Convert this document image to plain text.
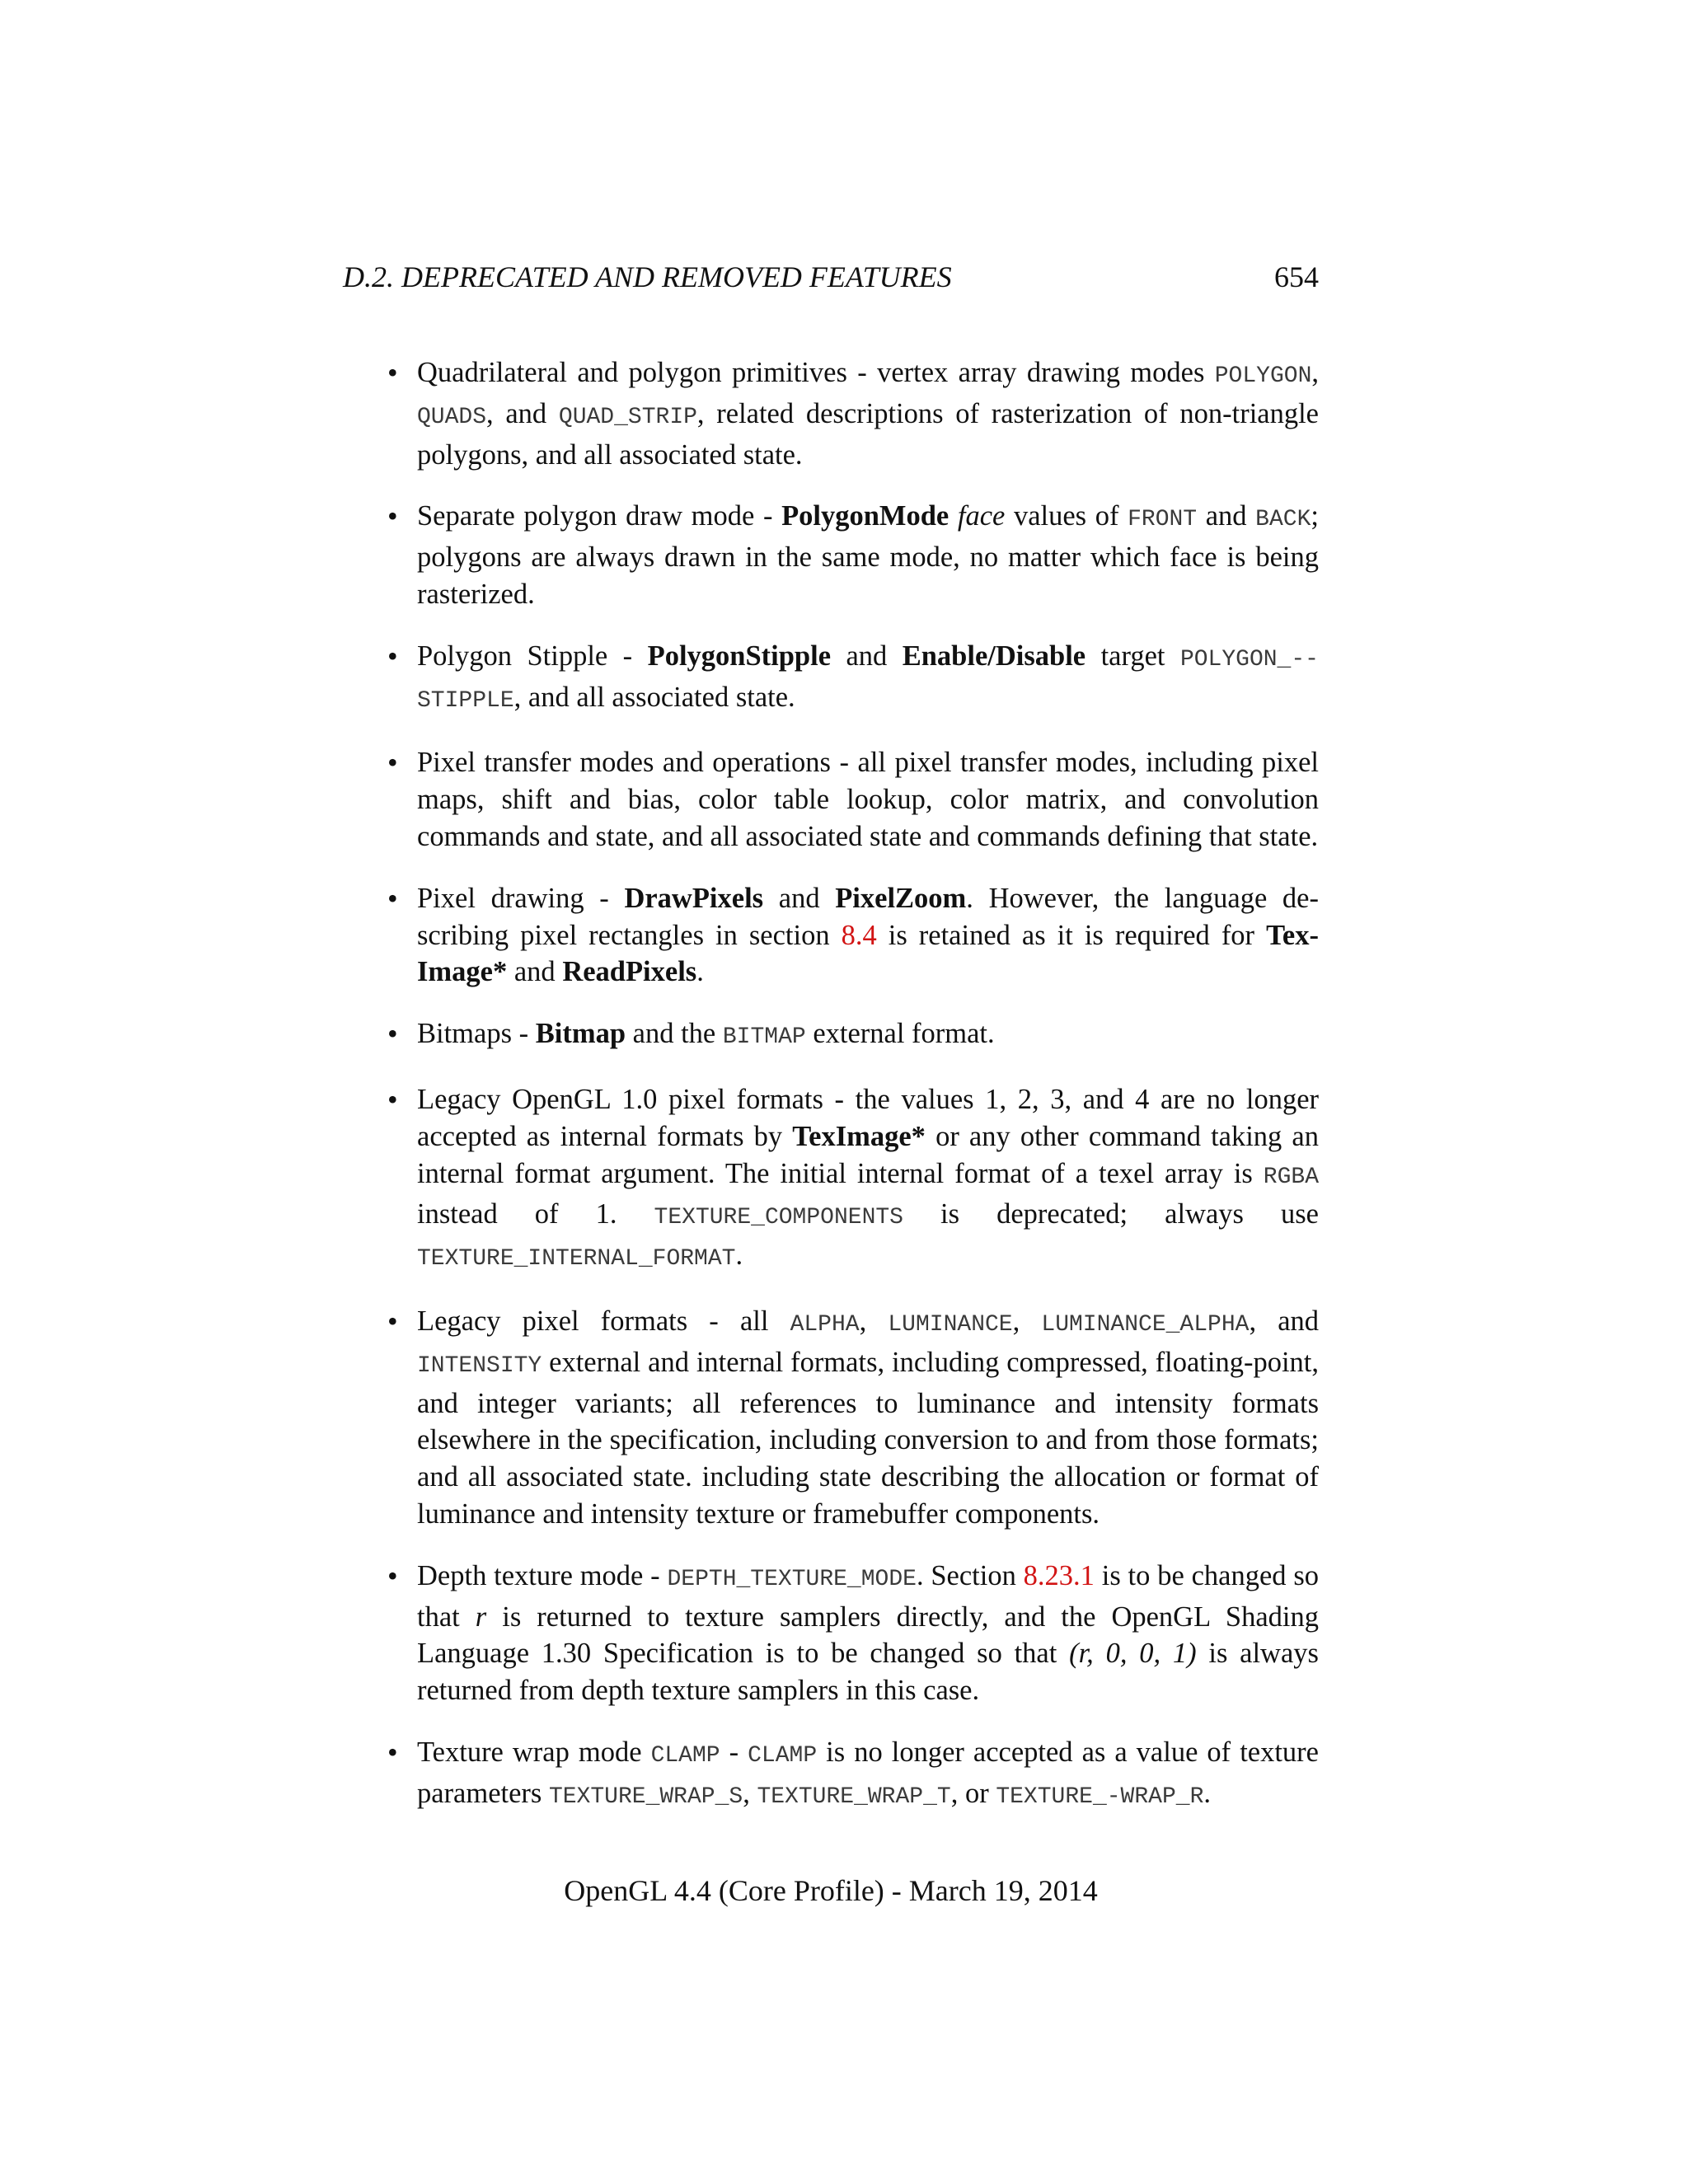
D.2. DEPRECATED AND REMOVED FEATURES	654
• Quadrilateral and polygon primitives - vertex array drawing modes POLYGON, QUADS, and QUAD_STRIP, related descriptions of rasterization of non-triangle polygons, and all associated state.
• Separate polygon draw mode - PolygonMode face values of FRONT and BACK; polygons are always drawn in the same mode, no matter which face is being rasterized.
• Polygon Stipple - PolygonStipple and Enable/Disable target POLYGON_-STIPPLE, and all associated state.
• Pixel transfer modes and operations - all pixel transfer modes, including pixel maps, shift and bias, color table lookup, color matrix, and convolution commands and state, and all associated state and commands defining that state.
• Pixel drawing - DrawPixels and PixelZoom. However, the language describing pixel rectangles in section 8.4 is retained as it is required for TexImage* and ReadPixels.
• Bitmaps - Bitmap and the BITMAP external format.
• Legacy OpenGL 1.0 pixel formats - the values 1, 2, 3, and 4 are no longer accepted as internal formats by TexImage* or any other command taking an internal format argument. The initial internal format of a texel array is RGBA instead of 1. TEXTURE_COMPONENTS is deprecated; always use TEXTURE_INTERNAL_FORMAT.
• Legacy pixel formats - all ALPHA, LUMINANCE, LUMINANCE_ALPHA, and INTENSITY external and internal formats, including compressed, floating-point, and integer variants; all references to luminance and intensity formats elsewhere in the specification, including conversion to and from those formats; and all associated state. including state describing the allocation or format of luminance and intensity texture or framebuffer components.
• Depth texture mode - DEPTH_TEXTURE_MODE. Section 8.23.1 is to be changed so that r is returned to texture samplers directly, and the OpenGL Shading Language 1.30 Specification is to be changed so that (r, 0, 0, 1) is always returned from depth texture samplers in this case.
• Texture wrap mode CLAMP - CLAMP is no longer accepted as a value of texture parameters TEXTURE_WRAP_S, TEXTURE_WRAP_T, or TEXTURE_-WRAP_R.
OpenGL 4.4 (Core Profile) - March 19, 2014
